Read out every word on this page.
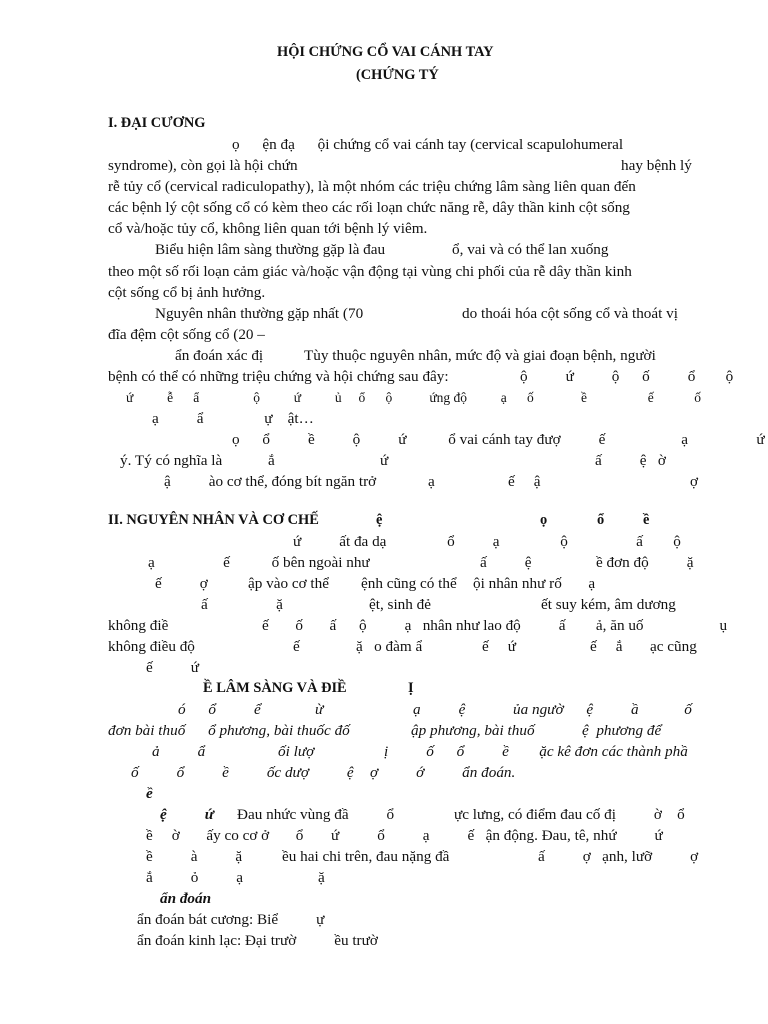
HỘI CHỨNG CỔ VAI CÁNH TAY
(CHỨNG TÝ
I. ĐẠI CƯƠNG
ọ      ện đạ      ội chứng cổ vai cánh tay (cervical scapulohumeral
syndrome), còn gọi là hội chứn	hay bệnh lý
rễ tủy cổ (cervical radiculopathy), là một nhóm các triệu chứng lâm sàng liên quan đến
các bệnh lý cột sống cổ có kèm theo các rối loạn chức năng rễ, dây thần kinh cột sống
cổ và/hoặc tủy cổ, không liên quan tới bệnh lý viêm.
Biểu hiện lâm sàng thường gặp là đau	ổ, vai và có thể lan xuống
theo một số rối loạn cảm giác và/hoặc vận động tại vùng chi phối của rễ dây thần kinh
cột sống cổ bị ảnh hưởng.
Nguyên nhân thường gặp nhất (70	do thoái hóa cột sống cổ và thoát vị
đĩa đệm cột sống cổ (20 –
ẩn đoán xác đị	Tùy thuộc nguyên nhân, mức độ và giai đoạn bệnh, người
bệnh có thể có những triệu chứng và hội chứng sau đây:	ộ          ứ          ộ      ố          ổ        ộ
ứ          ễ      ẩ                ộ          ứ          ủ     ổ      ộ           ứng độ          ạ      ố              ề                  ế            ố
ạ          ẩ                ự    ật…
ọ      ổ          ề          ộ          ứ           ổ vai cánh tay đượ          ế                    ạ                  ứ
ý. Tý có nghĩa là	ắ	ứ	ấ          ệ   ờ
ậ          ào cơ thể, đóng bít ngăn trở	ạ	ế     ậ	ợ
II. NGUYÊN NHÂN VÀ CƠ CHẾ	ệ	ọ	ổ	ề
ứ          ất đa dạ                ổ          ạ                ộ                  ấ        ộ
ạ                  ế           ố bên ngoài như	ấ          ệ                 ề đơn độ          ặ
ế          ợ	ập vào cơ thể ệnh cũng có thể ội nhân như rố       ạ
ấ                  ặ	ệt, sinh đẻ	ết suy kém, âm dương
không điề	ế       ố       ấ      ộ          ạ   nhân như lao độ          ấ        ả, ăn uố                    ụ
không điều độ	ế	ặ   o đàm ẩ	ế     ứ	ế     ắ ạc cũng
ế          ứ
Ề LÂM SÀNG VÀ ĐIỀ	Ị
ó      ổ          ể	ừ	ạ          ệ	ủa ngườ      ệ          ầ            ố
đơn bài thuố      ổ phương, bài thuốc đố	ập phương, bài thuố	ệ  phương để
ả          ẩ	ối lượ	ị          ố      ổ          ề        ặc kê đơn các thành phầ
ố          ổ          ề          ốc dượ          ệ ợ          ớ          ẩn đoán.
ề
ệ          ứ Đau nhức vùng đầ          ổ	ực lưng, có điểm đau cố đị          ờ    ổ
ề     ờ       ấy co cơ ở       ổ ứ          ổ          ạ          ế   ận động. Đau, tê, nhứ          ứ
ề          à          ặ	ều hai chi trên, đau nặng đầ	ấ          ợ   ạnh, lưỡ          ợ
ắ          ỏ          ạ	ặ
ẩn đoán
ẩn đoán bát cương: Biể          ự
ẩn đoán kinh lạc: Đại trườ          ều trườ
